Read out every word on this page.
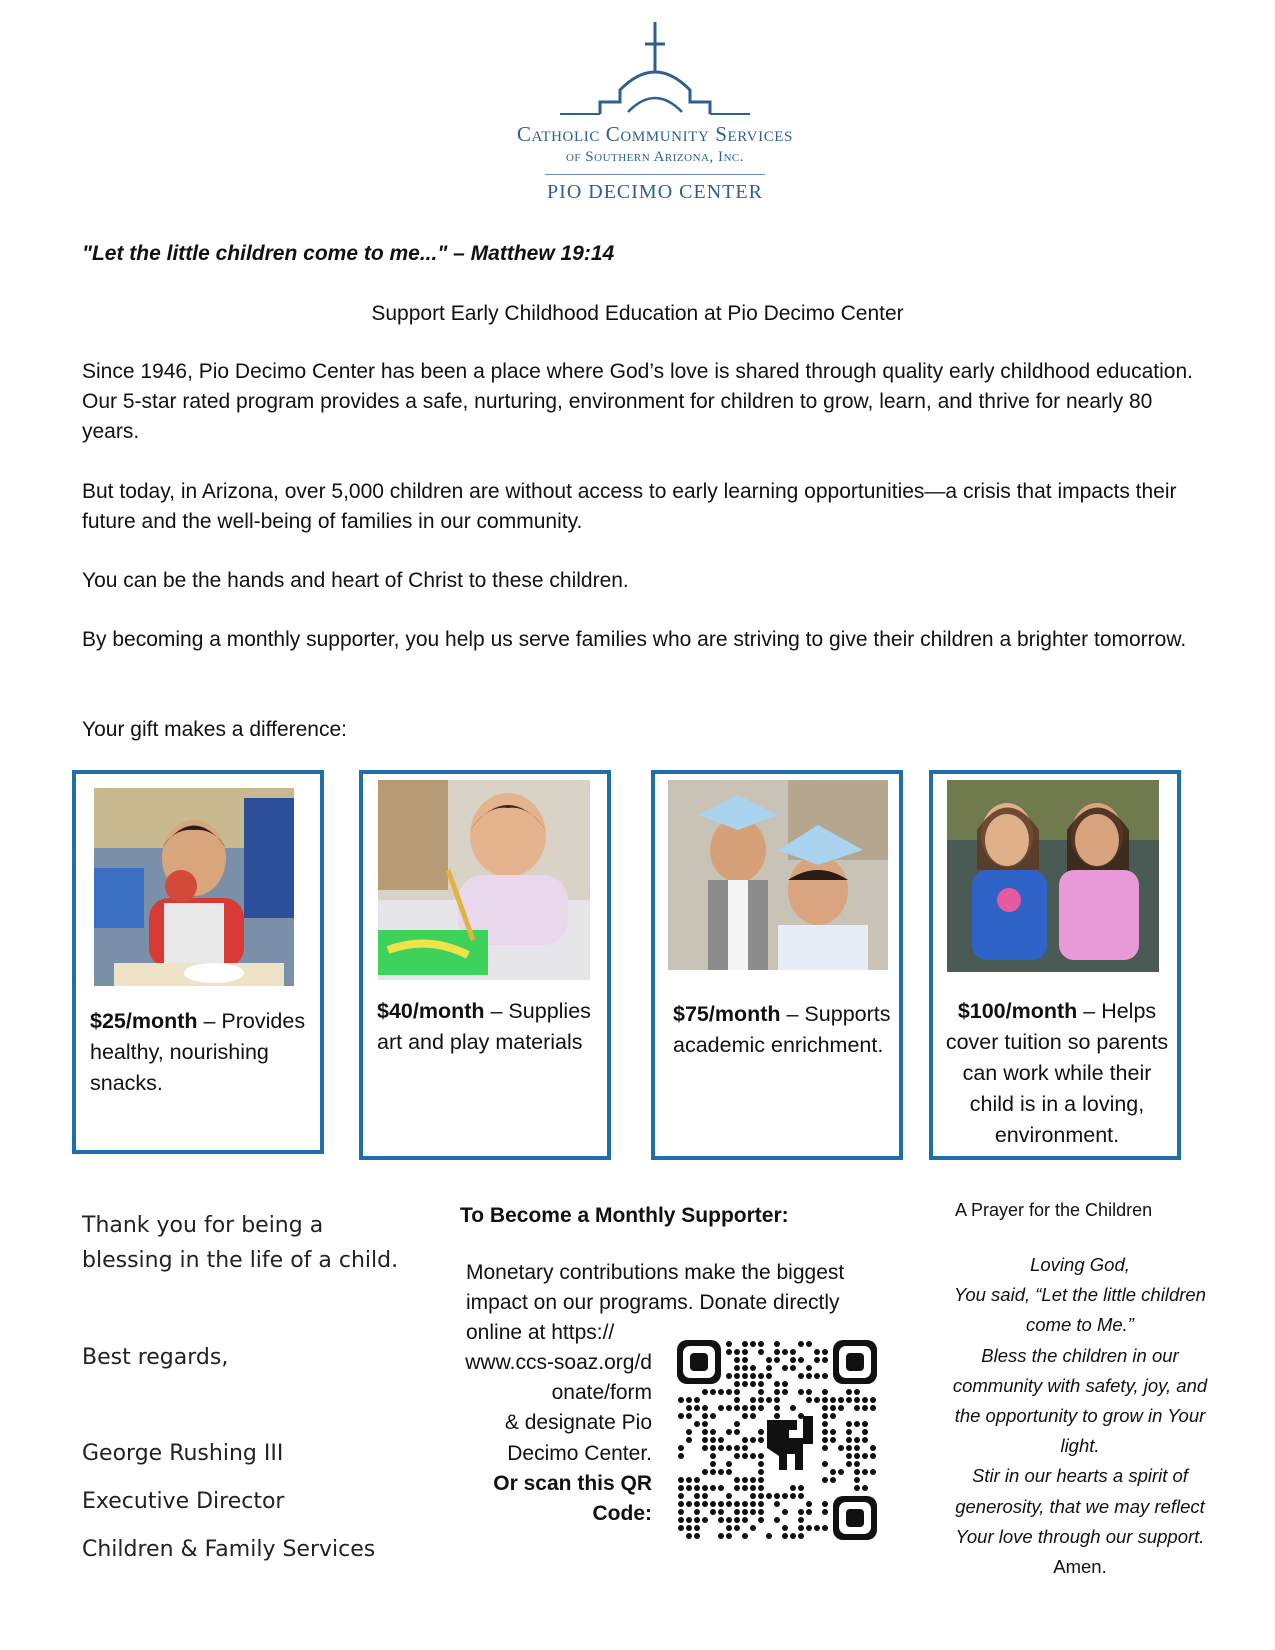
Catholic Community Services
of Southern Arizona, Inc.
PIO DECIMO CENTER
"Let the little children come to me..." – Matthew 19:14
Support Early Childhood Education at Pio Decimo Center
Since 1946, Pio Decimo Center has been a place where God’s love is shared through quality early childhood education. Our 5-star rated program provides a safe, nurturing, environment for children to grow, learn, and thrive for nearly 80 years.
But today, in Arizona, over 5,000 children are without access to early learning opportunities—a crisis that impacts their future and the well-being of families in our community.
You can be the hands and heart of Christ to these children.
By becoming a monthly supporter, you help us serve families who are striving to give their children a brighter tomorrow.
Your gift makes a difference:
$25/month – Provides healthy, nourishing snacks.
$40/month – Supplies art and play materials
$75/month – Supports academic enrichment.
$100/month – Helps cover tuition so parents can work while their child is in a loving, environment.
Thank you for being a blessing in the life of a child.
Best regards,
George Rushing III
Executive Director
Children & Family Services
To Become a Monthly Supporter:
Monetary contributions make the biggest impact on our programs. Donate directly online at https://
www.ccs-soaz.org/donate/form
& designate Pio Decimo Center.
Or scan this QR Code:
A Prayer for the Children
Loving God,
You said, “Let the little children come to Me.”
Bless the children in our community with safety, joy, and the opportunity to grow in Your light.
Stir in our hearts a spirit of generosity, that we may reflect Your love through our support. Amen.
